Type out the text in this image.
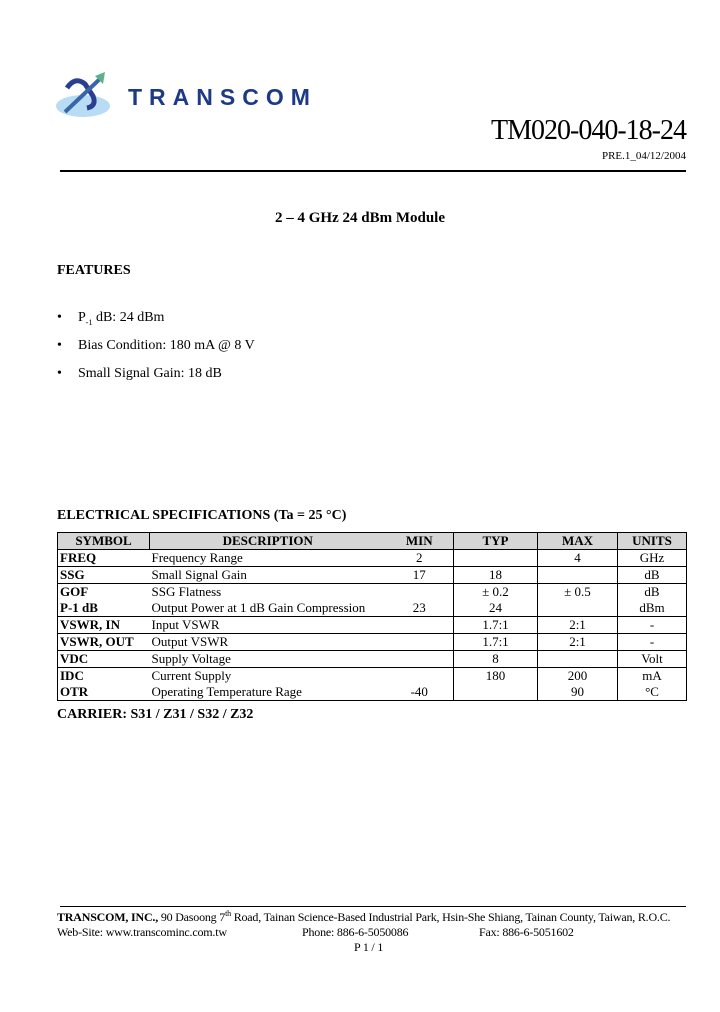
TRANSCOM
TM020-040-18-24
PRE.1_04/12/2004
2 – 4 GHz 24 dBm Module
FEATURES
• $P_{-1}$ dB: 24 dBm
• Bias Condition: 180 mA @ 8 V
• Small Signal Gain: 18 dB
ELECTRICAL SPECIFICATIONS (Ta = 25 °C)
SYMBOL	DESCRIPTION	MIN	TYP	MAX	UNITS
FREQ	Frequency Range	2		4	GHz
SSG	Small Signal Gain	17	18		dB
GOF	SSG Flatness		± 0.2	± 0.5	dB
P-1 dB	Output Power at 1 dB Gain Compression	23	24		dBm
VSWR, IN	Input VSWR		1.7:1	2:1	-
VSWR, OUT	Output VSWR		1.7:1	2:1	-
VDC	Supply Voltage		8		Volt
IDC	Current Supply		180	200	mA
OTR	Operating Temperature Rage	-40		90	°C
CARRIER: S31 / Z31 / S32 / Z32
TRANSCOM, INC., 90 Dasoong 7th Road, Tainan Science-Based Industrial Park, Hsin-She Shiang, Tainan County, Taiwan, R.O.C.
Web-Site: www.transcominc.com.tw	Phone: 886-6-5050086	Fax: 886-6-5051602
P 1 / 1
